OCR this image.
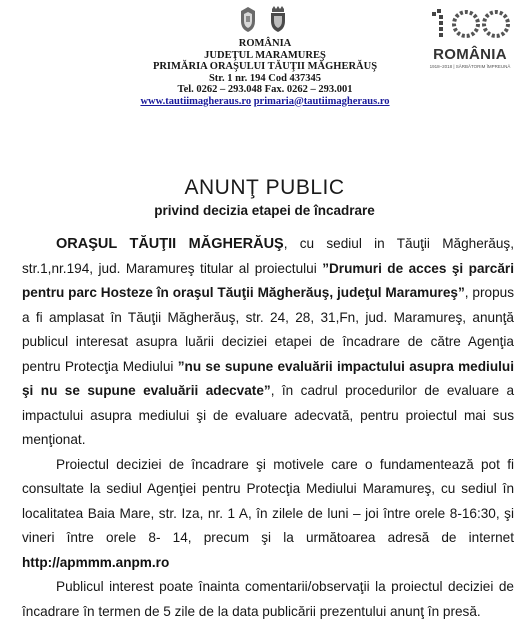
ROMÂNIA
JUDEŢUL MARAMUREŞ
PRIMĂRIA ORAŞULUI TĂUŢII MĂGHERĂUŞ
Str. 1 nr. 194 Cod 437345
Tel. 0262 – 293.048 Fax. 0262 – 293.001
www.tautiimagheraus.ro primaria@tautiimagheraus.ro
ROMÂNIA
1918–2018 | SĂRBĂTORIM ÎMPREUNĂ
ANUNŢ PUBLIC
privind decizia etapei de încadrare

ORAŞUL TĂUŢII MĂGHERĂUŞ, cu sediul in Tăuţii Măgherăuş, str.1,nr.194, jud. Maramureş titular al proiectului ”Drumuri de acces şi parcări pentru parc Hosteze în oraşul Tăuţii Măgherăuş, judeţul Maramureş”, propus a fi amplasat în Tăuţii Măgherăuş, str. 24, 28, 31,Fn, jud. Maramureş, anunţă publicul interesat asupra luării deciziei etapei de încadrare de către Agenţia pentru Protecţia Mediului ”nu se supune evaluării impactului asupra mediului şi nu se supune evaluării adecvate”, în cadrul procedurilor de evaluare a impactului asupra mediului şi de evaluare adecvată, pentru proiectul mai sus menţionat.

Proiectul deciziei de încadrare şi motivele care o fundamentează pot fi consultate la sediul Agenţiei pentru Protecţia Mediului Maramureş, cu sediul în localitatea Baia Mare, str. Iza, nr. 1 A, în zilele de luni – joi între orele 8-16:30, şi vineri între orele 8- 14, precum şi la următoarea adresă de internet http://apmmm.anpm.ro

Publicul interest poate înainta comentarii/observaţii la proiectul deciziei de încadrare în termen de 5 zile de la data publicării prezentului anunţ în presă.
